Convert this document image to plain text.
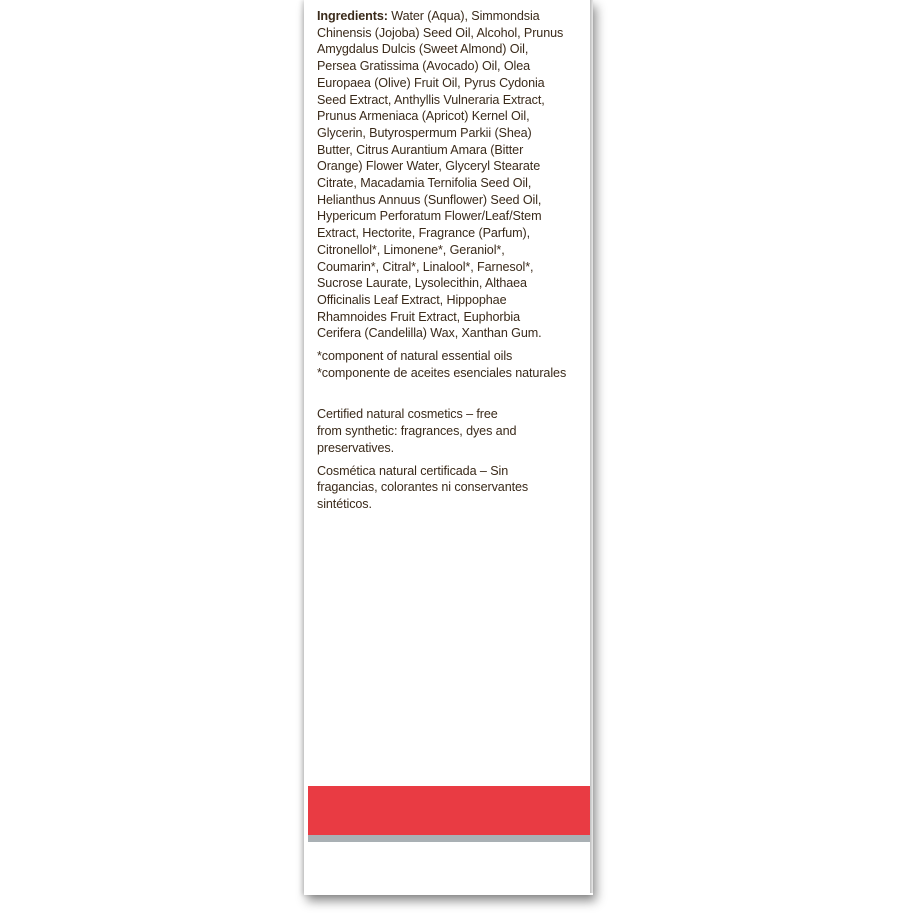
Ingredients: Water (Aqua), Simmondsia
Chinensis (Jojoba) Seed Oil, Alcohol, Prunus
Amygdalus Dulcis (Sweet Almond) Oil,
Persea Gratissima (Avocado) Oil, Olea
Europaea (Olive) Fruit Oil, Pyrus Cydonia
Seed Extract, Anthyllis Vulneraria Extract,
Prunus Armeniaca (Apricot) Kernel Oil,
Glycerin, Butyrospermum Parkii (Shea)
Butter, Citrus Aurantium Amara (Bitter
Orange) Flower Water, Glyceryl Stearate
Citrate, Macadamia Ternifolia Seed Oil,
Helianthus Annuus (Sunflower) Seed Oil,
Hypericum Perforatum Flower/Leaf/Stem
Extract, Hectorite, Fragrance (Parfum),
Citronellol*, Limonene*, Geraniol*,
Coumarin*, Citral*, Linalool*, Farnesol*,
Sucrose Laurate, Lysolecithin, Althaea
Officinalis Leaf Extract, Hippophae
Rhamnoides Fruit Extract, Euphorbia
Cerifera (Candelilla) Wax, Xanthan Gum.

*component of natural essential oils
*componente de aceites esenciales naturales

Certified natural cosmetics – free
from synthetic: fragrances, dyes and
preservatives.

Cosmética natural certificada – Sin
fragancias, colorantes ni conservantes
sintéticos.
